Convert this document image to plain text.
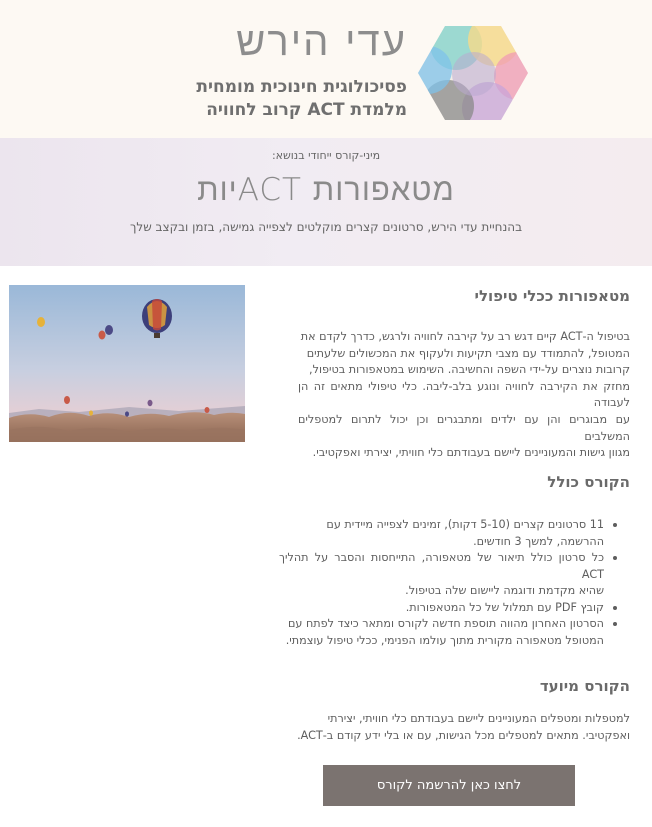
עדי הירש
פסיכולוגית חינוכית מומחית
מלמדת ACT קרוב לחוויה
מיני-קורס ייחודי בנושא:
מטאפורות ACTיות
בהנחיית עדי הירש, סרטונים קצרים מוקלטים לצפייה גמישה, בזמן ובקצב שלך
מטאפורות ככלי טיפולי
בטיפול ה-ACT קיים דגש רב על קירבה לחוויה ולרגש, כדרך לקדם את
המטופל, להתמודד עם מצבי תקיעות ולעקוף את המכשולים שלעתים
קרובות נוצרים על-ידי השפה והחשיבה. השימוש במטאפורות בטיפול,
מחזק את הקירבה לחוויה ונוגע בלב-ליבה. כלי טיפולי מתאים זה הן לעבודה
עם מבוגרים והן עם ילדים ומתבגרים וכן יכול לתרום למטפלים המשלבים
מגוון גישות והמעוניינים ליישם בעבודתם כלי חוויתי, יצירתי ואפקטיבי.
הקורס כולל
11 סרטונים קצרים (5-10 דקות), זמינים לצפייה מיידית עם
ההרשמה, למשך 3 חודשים.
כל סרטון כולל תיאור של מטאפורה, התייחסות והסבר על תהליך ACT
שהיא מקדמת ודוגמה ליישום שלה בטיפול.
קובץ PDF עם תמלול של כל המטאפורות.
הסרטון האחרון מהווה תוספת חדשה לקורס ומתאר כיצד לפתח עם
המטופל מטאפורה מקורית מתוך עולמו הפנימי, ככלי טיפול עוצמתי.
הקורס מיועד
למטפלות ומטפלים המעוניינים ליישם בעבודתם כלי חוויתי, יצירתי
ואפקטיבי. מתאים למטפלים מכל הגישות, עם או בלי ידע קודם ב-ACT.
לחצו כאן להרשמה לקורס
